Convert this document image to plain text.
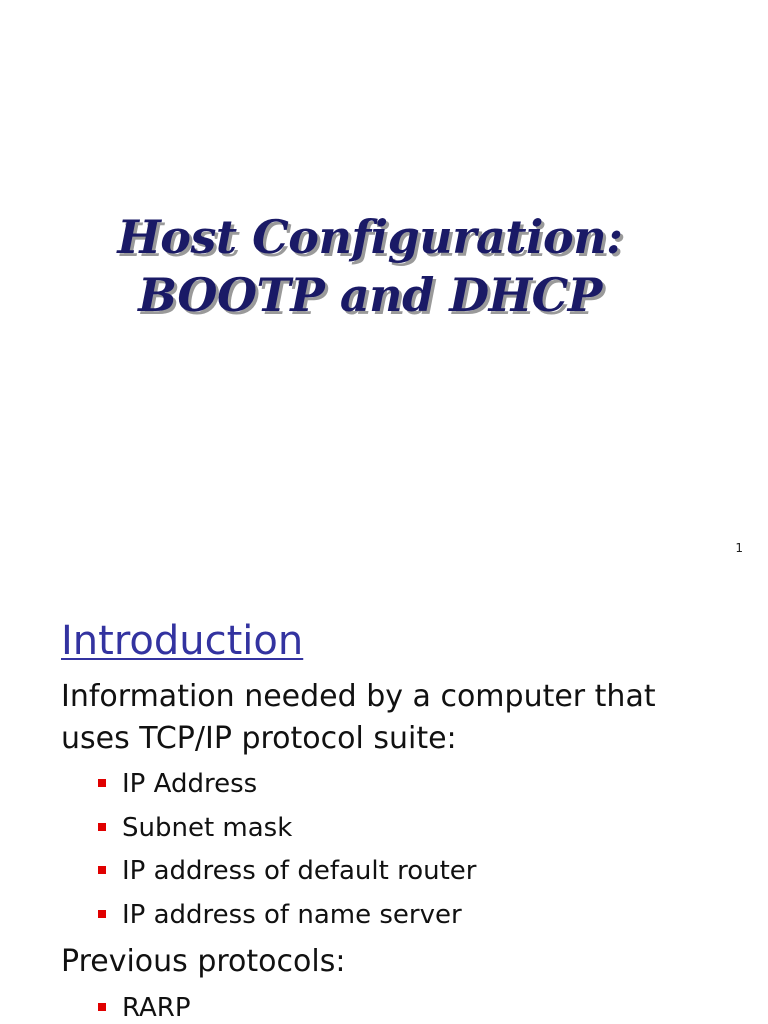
Host Configuration:
BOOTP and DHCP
1
Introduction
Information needed by a computer that uses TCP/IP protocol suite:
IP Address
Subnet mask
IP address of default router
IP address of name server
Previous protocols:
RARP
